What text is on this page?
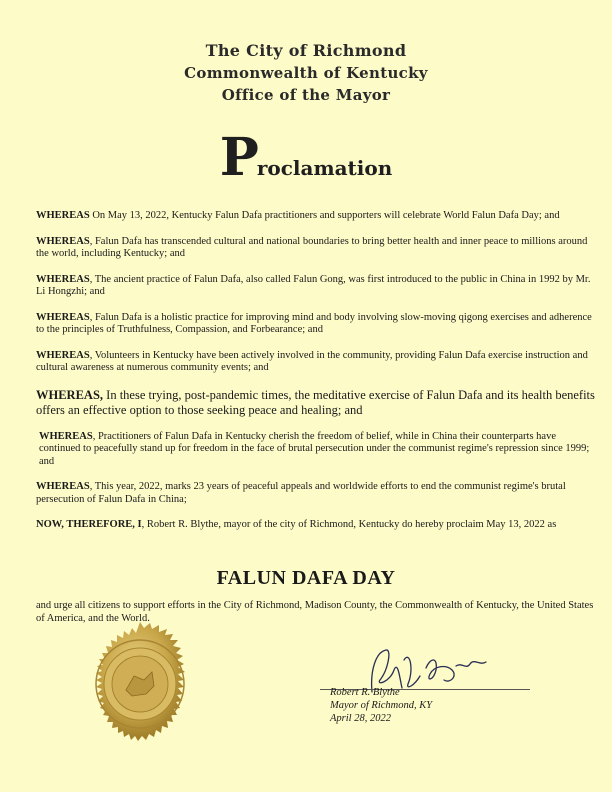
The City of Richmond
Commonwealth of Kentucky
Office of the Mayor
Proclamation

WHEREAS On May 13, 2022, Kentucky Falun Dafa practitioners and supporters will celebrate World Falun Dafa Day; and

WHEREAS, Falun Dafa has transcended cultural and national boundaries to bring better health and inner peace to millions around the world, including Kentucky; and

WHEREAS, The ancient practice of Falun Dafa, also called Falun Gong, was first introduced to the public in China in 1992 by Mr. Li Hongzhi; and

WHEREAS, Falun Dafa is a holistic practice for improving mind and body involving slow-moving qigong exercises and adherence to the principles of Truthfulness, Compassion, and Forbearance; and

WHEREAS, Volunteers in Kentucky have been actively involved in the community, providing Falun Dafa exercise instruction and cultural awareness at numerous community events; and

WHEREAS, In these trying, post-pandemic times, the meditative exercise of Falun Dafa and its health benefits offers an effective option to those seeking peace and healing; and

WHEREAS, Practitioners of Falun Dafa in Kentucky cherish the freedom of belief, while in China their counterparts have continued to peacefully stand up for freedom in the face of brutal persecution under the communist regime's repression since 1999; and

WHEREAS, This year, 2022, marks 23 years of peaceful appeals and worldwide efforts to end the communist regime's brutal persecution of Falun Dafa in China;

NOW, THEREFORE, I, Robert R. Blythe, mayor of the city of Richmond, Kentucky do hereby proclaim May 13, 2022 as

FALUN DAFA DAY
and urge all citizens to support efforts in the City of Richmond, Madison County, the Commonwealth of Kentucky, the United States of America, and the World.
Robert R. Blythe
Mayor of Richmond, KY
April 28, 2022
